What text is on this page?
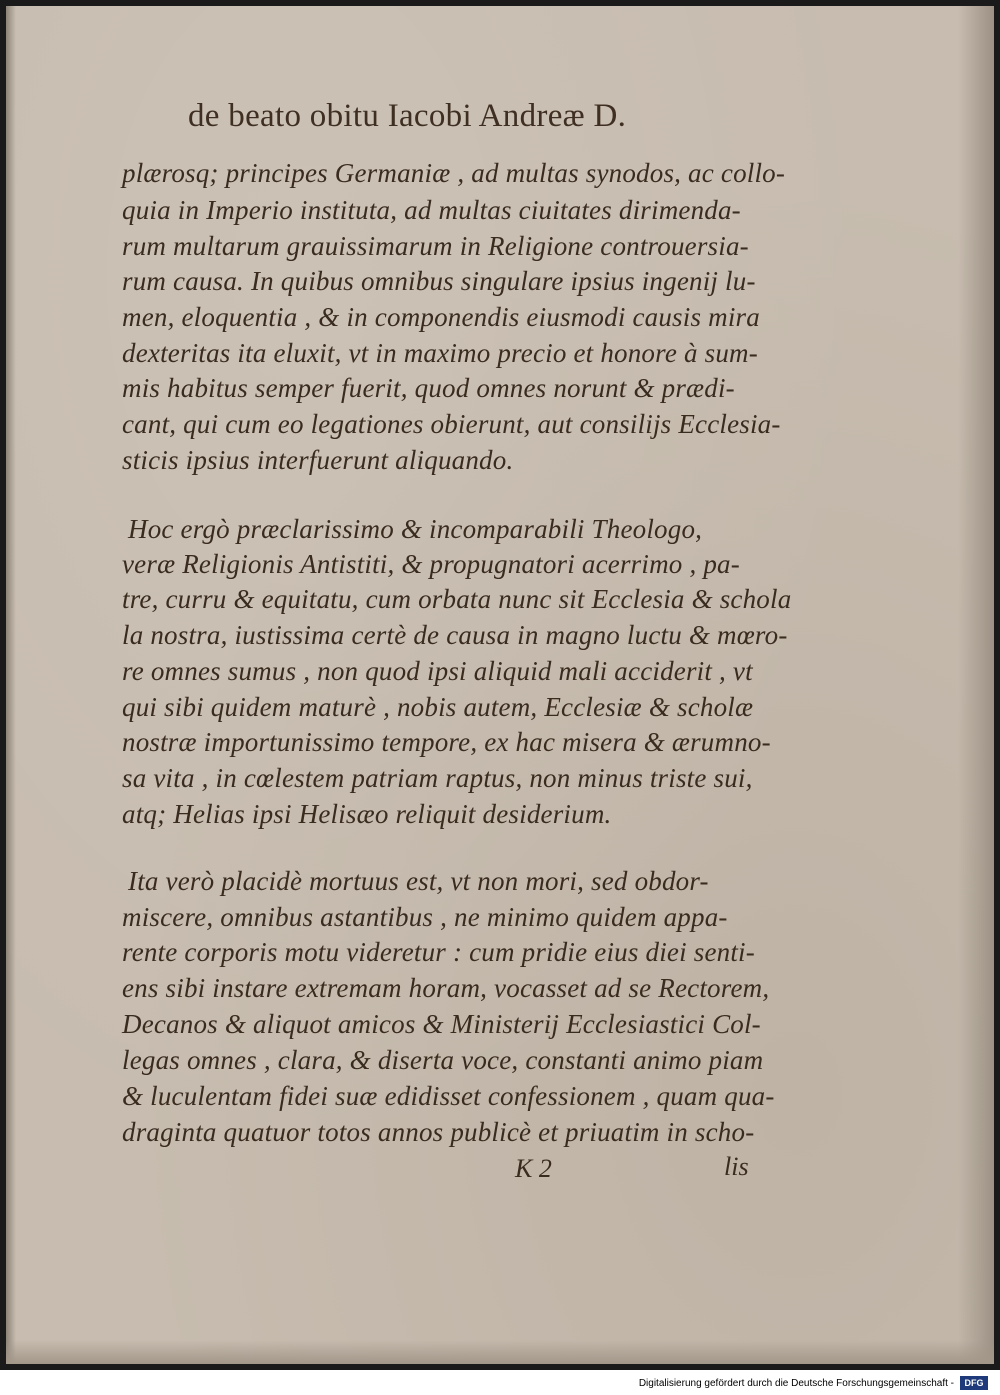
de beato obitu Iacobi Andreæ D.
plærosq; principes Germaniæ , ad multas synodos, ac collo-
quia in Imperio instituta, ad multas ciuitates dirimenda-
rum multarum grauissimarum in Religione controuersia-
rum causa. In quibus omnibus singulare ipsius ingenij lu-
men, eloquentia , & in componendis eiusmodi causis mira
dexteritas ita eluxit, vt in maximo precio et honore à sum-
mis habitus semper fuerit, quod omnes norunt & prædi-
cant, qui cum eo legationes obierunt, aut consilijs Ecclesia-
sticis ipsius interfuerunt aliquando.
Hoc ergò præclarissimo & incomparabili Theologo,
veræ Religionis Antistiti, & propugnatori acerrimo , pa-
tre, curru & equitatu, cum orbata nunc sit Ecclesia & schola
la nostra, iustissima certè de causa in magno luctu & mœro-
re omnes sumus , non quod ipsi aliquid mali acciderit , vt
qui sibi quidem maturè , nobis autem, Ecclesiæ & scholæ
nostræ importunissimo tempore, ex hac misera & ærumno-
sa vita , in cœlestem patriam raptus, non minus triste sui,
atq; Helias ipsi Helisæo reliquit desiderium.
Ita verò placidè mortuus est, vt non mori, sed obdor-
miscere, omnibus astantibus , ne minimo quidem appa-
rente corporis motu videretur : cum pridie eius diei senti-
ens sibi instare extremam horam, vocasset ad se Rectorem,
Decanos & aliquot amicos & Ministerij Ecclesiastici Col-
legas omnes , clara, & diserta voce, constanti animo piam
& luculentam fidei suæ edidisset confessionem , quam qua-
draginta quatuor totos annos publicè et priuatim in scho-
K 2	lis
Digitalisierung gefördert durch die Deutsche Forschungsgemeinschaft -	DFG
